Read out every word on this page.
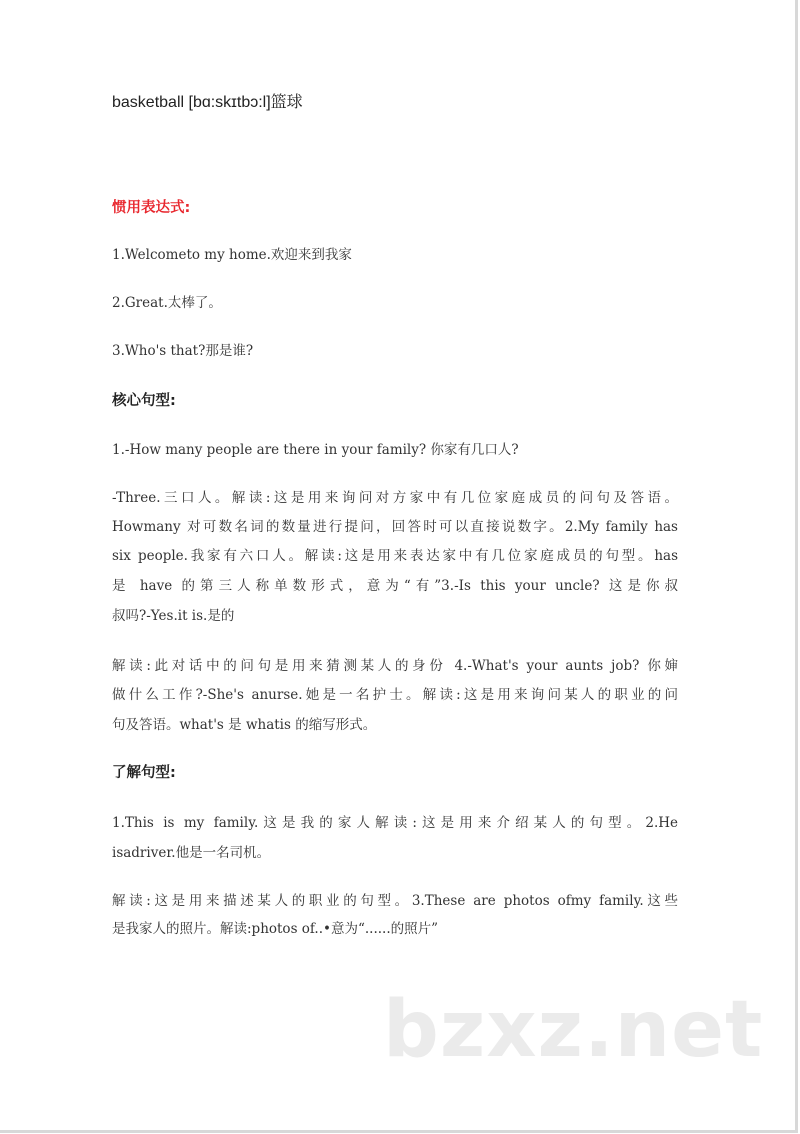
basketball [bɑ:skɪtbɔ:l]篮球
惯用表达式:
1.Welcometo my home.欢迎来到我家
2.Great.太棒了。
3.Who's that?那是谁?
核心句型:
1.-How many people are there in your family? 你家有几口人?
-Three.三口人。解读:这是用来询问对方家中有几位家庭成员的问句及答语。
Howmany 对可数名词的数量进行提问，回答时可以直接说数字。2.My family has
six people.我家有六口人。解读:这是用来表达家中有几位家庭成员的句型。has
是 have 的第三人称单数形式，意为“有”3.-Is this your uncle? 这是你叔
叔吗?-Yes.it is.是的
解读:此对话中的问句是用来猜测某人的身份 4.-What's your aunts job? 你婶
做什么工作?-She's anurse.她是一名护士。解读:这是用来询问某人的职业的问
句及答语。what's 是 whatis 的缩写形式。
了解句型:
1.This is my family.这是我的家人解读:这是用来介绍某人的句型。2.He
isadriver.他是一名司机。
解读:这是用来描述某人的职业的句型。3.These are photos ofmy family.这些
是我家人的照片。解读:photos of..•意为“......的照片”
bzxz.net
